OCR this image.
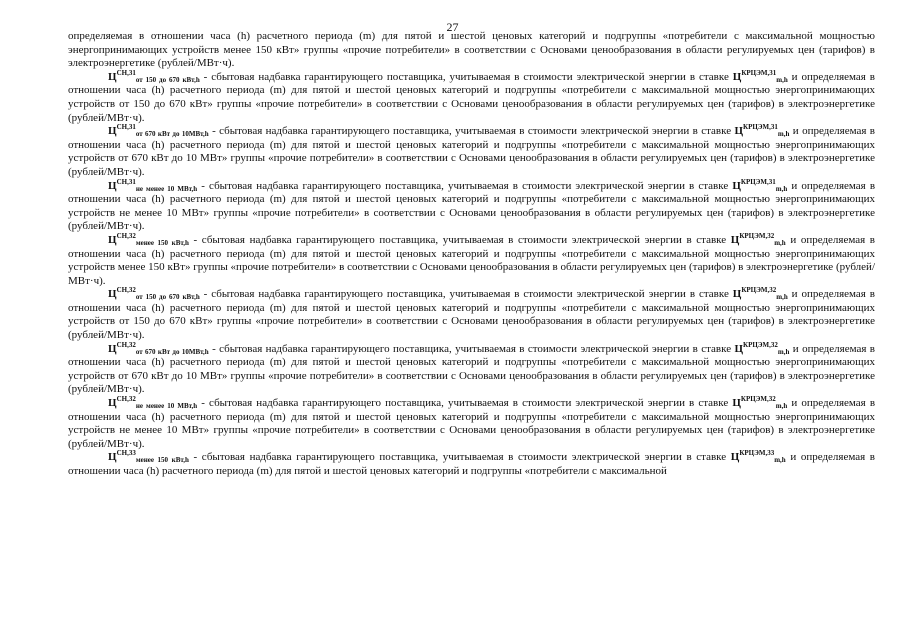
27

определяемая в отношении часа (h) расчетного периода (m) для пятой и шестой ценовых категорий и подгруппы «потребители с максимальной мощностью энергопринимающих устройств менее 150 кВт» группы «прочие потребители» в соответствии с Основами ценообразования в области регулируемых цен (тарифов) в электроэнергетике (рублей/МВт·ч).

$Ц^{СН,31}_{от 150 до 670 кВт,h}$ - сбытовая надбавка гарантирующего поставщика, учитываемая в стоимости электрической энергии в ставке $Ц^{КРЦЭМ,31}_{m,h}$ и определяемая в отношении часа (h) расчетного периода (m) для пятой и шестой ценовых категорий и подгруппы «потребители с максимальной мощностью энергопринимающих устройств от 150 до 670 кВт» группы «прочие потребители» в соответствии с Основами ценообразования в области регулируемых цен (тарифов) в электроэнергетике (рублей/МВт·ч).

$Ц^{СН,31}_{от 670 кВт до 10МВт,h}$ - сбытовая надбавка гарантирующего поставщика, учитываемая в стоимости электрической энергии в ставке $Ц^{КРЦЭМ,31}_{m,h}$ и определяемая в отношении часа (h) расчетного периода (m) для пятой и шестой ценовых категорий и подгруппы «потребители с максимальной мощностью энергопринимающих устройств от 670 кВт до 10 МВт» группы «прочие потребители» в соответствии с Основами ценообразования в области регулируемых цен (тарифов) в электроэнергетике (рублей/МВт·ч).

$Ц^{СН,31}_{не менее 10 МВт,h}$ - сбытовая надбавка гарантирующего поставщика, учитываемая в стоимости электрической энергии в ставке $Ц^{КРЦЭМ,31}_{m,h}$ и определяемая в отношении часа (h) расчетного периода (m) для пятой и шестой ценовых категорий и подгруппы «потребители с максимальной мощностью энергопринимающих устройств не менее 10 МВт» группы «прочие потребители» в соответствии с Основами ценообразования в области регулируемых цен (тарифов) в электроэнергетике (рублей/МВт·ч).

$Ц^{СН,32}_{менее 150 кВт,h}$ - сбытовая надбавка гарантирующего поставщика, учитываемая в стоимости электрической энергии в ставке $Ц^{КРЦЭМ,32}_{m,h}$ и определяемая в отношении часа (h) расчетного периода (m) для пятой и шестой ценовых категорий и подгруппы «потребители с максимальной мощностью энергопринимающих устройств менее 150 кВт» группы «прочие потребители» в соответствии с Основами ценообразования в области регулируемых цен (тарифов) в электроэнергетике (рублей/МВт·ч).

$Ц^{СН,32}_{от 150 до 670 кВт,h}$ - сбытовая надбавка гарантирующего поставщика, учитываемая в стоимости электрической энергии в ставке $Ц^{КРЦЭМ,32}_{m,h}$ и определяемая в отношении часа (h) расчетного периода (m) для пятой и шестой ценовых категорий и подгруппы «потребители с максимальной мощностью энергопринимающих устройств от 150 до 670 кВт» группы «прочие потребители» в соответствии с Основами ценообразования в области регулируемых цен (тарифов) в электроэнергетике (рублей/МВт·ч).

$Ц^{СН,32}_{от 670 кВт до 10МВт,h}$ - сбытовая надбавка гарантирующего поставщика, учитываемая в стоимости электрической энергии в ставке $Ц^{КРЦЭМ,32}_{m,h}$ и определяемая в отношении часа (h) расчетного периода (m) для пятой и шестой ценовых категорий и подгруппы «потребители с максимальной мощностью энергопринимающих устройств от 670 кВт до 10 МВт» группы «прочие потребители» в соответствии с Основами ценообразования в области регулируемых цен (тарифов) в электроэнергетике (рублей/МВт·ч).

$Ц^{СН,32}_{не менее 10 МВт,h}$ - сбытовая надбавка гарантирующего поставщика, учитываемая в стоимости электрической энергии в ставке $Ц^{КРЦЭМ,32}_{m,h}$ и определяемая в отношении часа (h) расчетного периода (m) для пятой и шестой ценовых категорий и подгруппы «потребители с максимальной мощностью энергопринимающих устройств не менее 10 МВт» группы «прочие потребители» в соответствии с Основами ценообразования в области регулируемых цен (тарифов) в электроэнергетике (рублей/МВт·ч).

$Ц^{СН,33}_{менее 150 кВт,h}$ - сбытовая надбавка гарантирующего поставщика, учитываемая в стоимости электрической энергии в ставке $Ц^{КРЦЭМ,33}_{m,h}$ и определяемая в отношении часа (h) расчетного периода (m) для пятой и шестой ценовых категорий и подгруппы «потребители с максимальной
